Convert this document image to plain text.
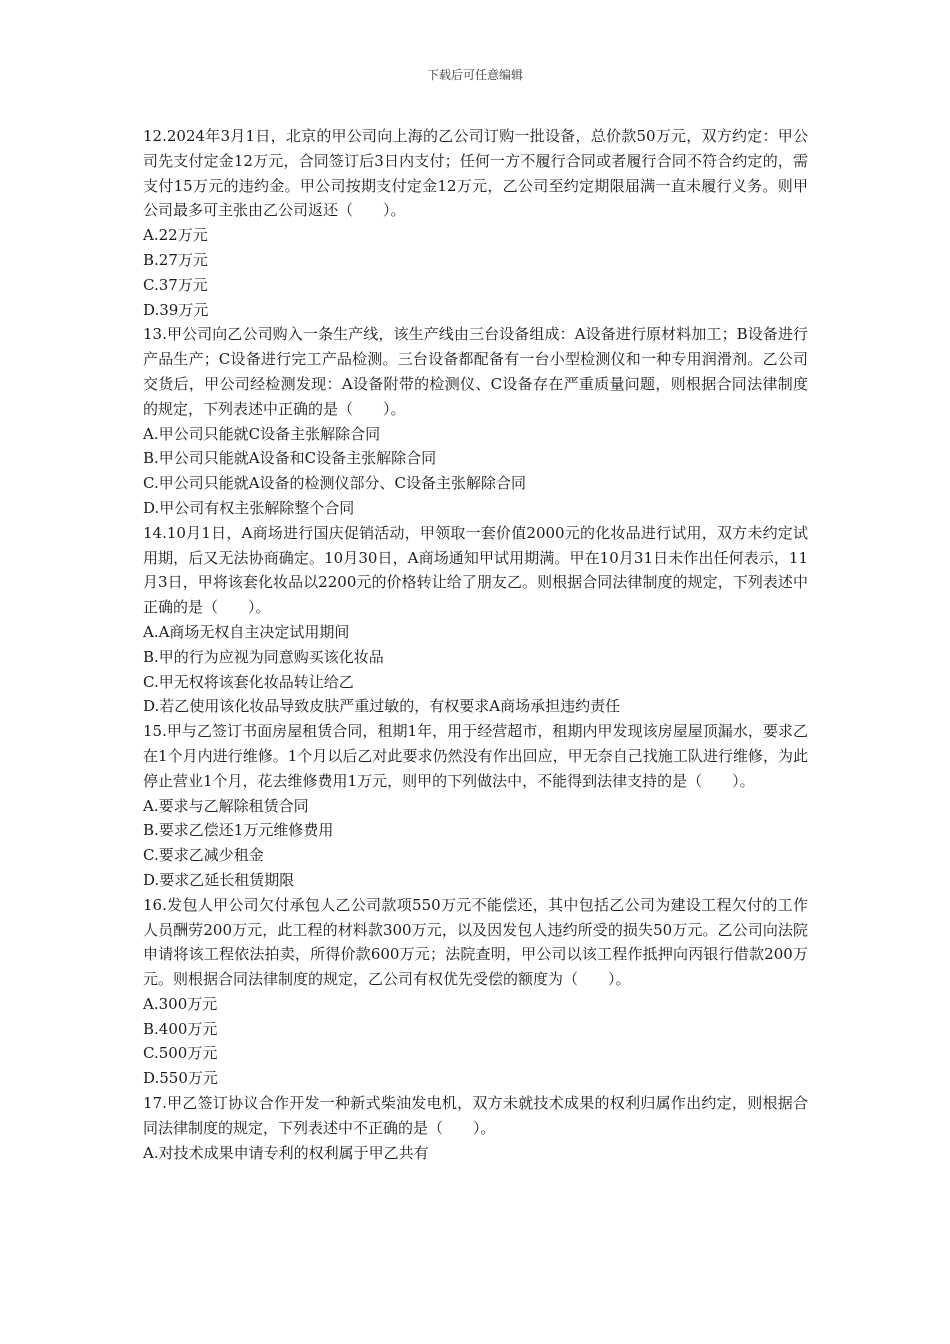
下载后可任意编辑

12.2024年3月1日，北京的甲公司向上海的乙公司订购一批设备，总价款50万元，双方约定：甲公司先支付定金12万元，合同签订后3日内支付；任何一方不履行合同或者履行合同不符合约定的，需支付15万元的违约金。甲公司按期支付定金12万元，乙公司至约定期限届满一直未履行义务。则甲公司最多可主张由乙公司返还（　　）。

A.22万元

B.27万元

C.37万元

D.39万元

13.甲公司向乙公司购入一条生产线，该生产线由三台设备组成：A设备进行原材料加工；B设备进行产品生产；C设备进行完工产品检测。三台设备都配备有一台小型检测仪和一种专用润滑剂。乙公司交货后，甲公司经检测发现：A设备附带的检测仪、C设备存在严重质量问题，则根据合同法律制度的规定，下列表述中正确的是（　　）。

A.甲公司只能就C设备主张解除合同

B.甲公司只能就A设备和C设备主张解除合同

C.甲公司只能就A设备的检测仪部分、C设备主张解除合同

D.甲公司有权主张解除整个合同

14.10月1日，A商场进行国庆促销活动，甲领取一套价值2000元的化妆品进行试用，双方未约定试用期，后又无法协商确定。10月30日，A商场通知甲试用期满。甲在10月31日未作出任何表示，11月3日，甲将该套化妆品以2200元的价格转让给了朋友乙。则根据合同法律制度的规定，下列表述中正确的是（　　）。

A.A商场无权自主决定试用期间

B.甲的行为应视为同意购买该化妆品

C.甲无权将该套化妆品转让给乙

D.若乙使用该化妆品导致皮肤严重过敏的，有权要求A商场承担违约责任

15.甲与乙签订书面房屋租赁合同，租期1年，用于经营超市，租期内甲发现该房屋屋顶漏水，要求乙在1个月内进行维修。1个月以后乙对此要求仍然没有作出回应，甲无奈自己找施工队进行维修，为此停止营业1个月，花去维修费用1万元，则甲的下列做法中，不能得到法律支持的是（　　）。

A.要求与乙解除租赁合同

B.要求乙偿还1万元维修费用

C.要求乙减少租金

D.要求乙延长租赁期限

16.发包人甲公司欠付承包人乙公司款项550万元不能偿还，其中包括乙公司为建设工程欠付的工作人员酬劳200万元，此工程的材料款300万元，以及因发包人违约所受的损失50万元。乙公司向法院申请将该工程依法拍卖，所得价款600万元；法院查明，甲公司以该工程作抵押向丙银行借款200万元。则根据合同法律制度的规定，乙公司有权优先受偿的额度为（　　）。

A.300万元

B.400万元

C.500万元

D.550万元

17.甲乙签订协议合作开发一种新式柴油发电机，双方未就技术成果的权利归属作出约定，则根据合同法律制度的规定，下列表述中不正确的是（　　）。

A.对技术成果申请专利的权利属于甲乙共有
